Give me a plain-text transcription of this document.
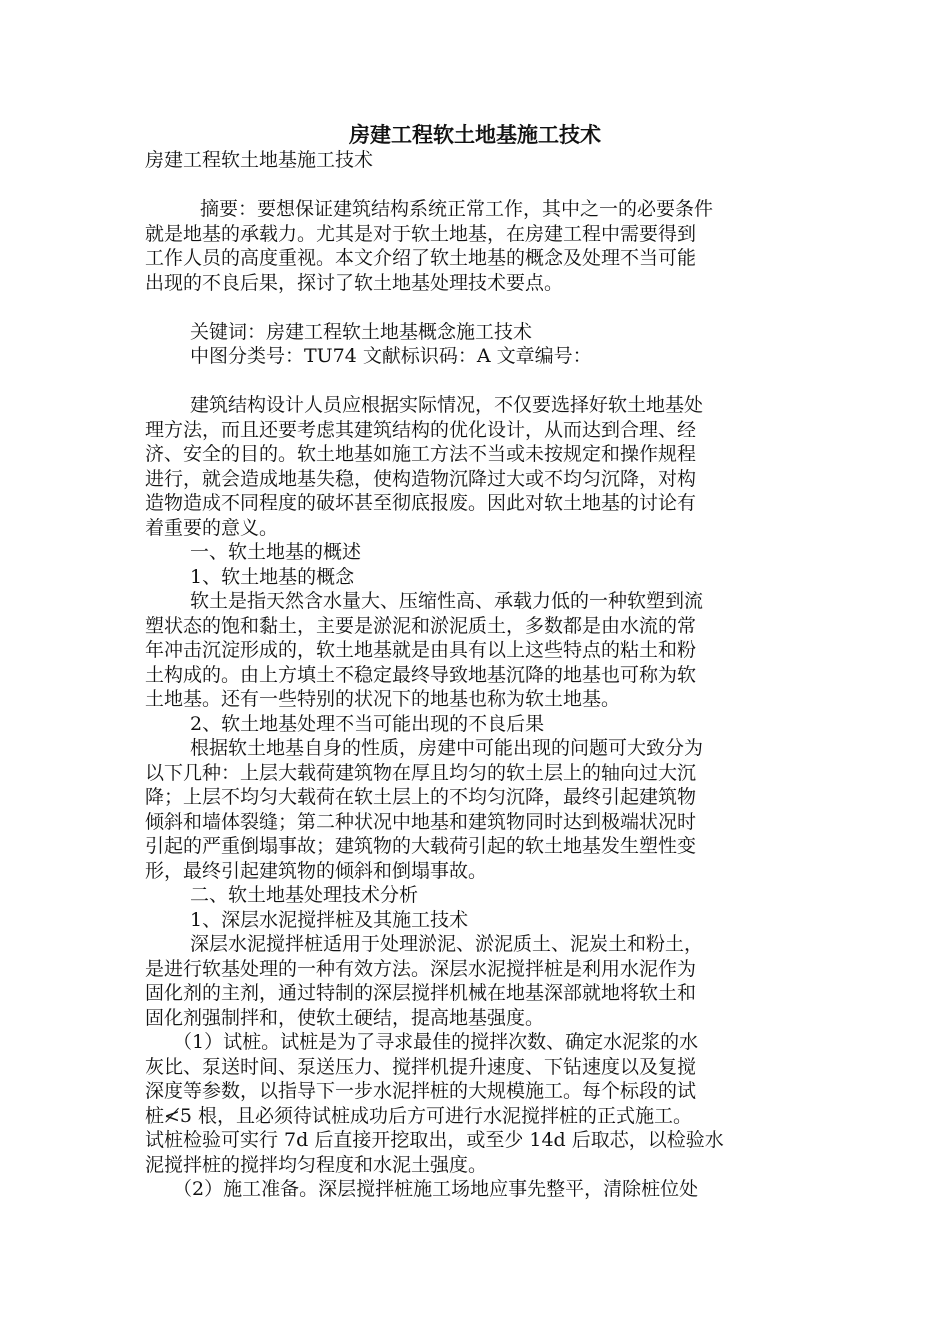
房建工程软土地基施工技术

房建工程软土地基施工技术

摘要：要想保证建筑结构系统正常工作，其中之一的必要条件

就是地基的承载力。尤其是对于软土地基，在房建工程中需要得到

工作人员的高度重视。本文介绍了软土地基的概念及处理不当可能

出现的不良后果，探讨了软土地基处理技术要点。

关键词：房建工程软土地基概念施工技术

中图分类号：TU74 文献标识码：A 文章编号：

建筑结构设计人员应根据实际情况，不仅要选择好软土地基处

理方法，而且还要考虑其建筑结构的优化设计，从而达到合理、经

济、安全的目的。软土地基如施工方法不当或未按规定和操作规程

进行，就会造成地基失稳，使构造物沉降过大或不均匀沉降，对构

造物造成不同程度的破坏甚至彻底报废。因此对软土地基的讨论有

着重要的意义。

一、软土地基的概述

1、软土地基的概念

软土是指天然含水量大、压缩性高、承载力低的一种软塑到流

塑状态的饱和黏土，主要是淤泥和淤泥质土，多数都是由水流的常

年冲击沉淀形成的，软土地基就是由具有以上这些特点的粘土和粉

土构成的。由上方填土不稳定最终导致地基沉降的地基也可称为软

土地基。还有一些特别的状况下的地基也称为软土地基。

2、软土地基处理不当可能出现的不良后果

根据软土地基自身的性质，房建中可能出现的问题可大致分为

以下几种：上层大载荷建筑物在厚且均匀的软土层上的轴向过大沉

降；上层不均匀大载荷在软土层上的不均匀沉降，最终引起建筑物

倾斜和墙体裂缝；第二种状况中地基和建筑物同时达到极端状况时

引起的严重倒塌事故；建筑物的大载荷引起的软土地基发生塑性变

形，最终引起建筑物的倾斜和倒塌事故。

二、软土地基处理技术分析

1、深层水泥搅拌桩及其施工技术

深层水泥搅拌桩适用于处理淤泥、淤泥质土、泥炭土和粉土，

是进行软基处理的一种有效方法。深层水泥搅拌桩是利用水泥作为

固化剂的主剂，通过特制的深层搅拌机械在地基深部就地将软土和

固化剂强制拌和，使软土硬结，提高地基强度。

（1）试桩。试桩是为了寻求最佳的搅拌次数、确定水泥浆的水

灰比、泵送时间、泵送压力、搅拌机提升速度、下钻速度以及复搅

深度等参数，以指导下一步水泥拌桩的大规模施工。每个标段的试

桩≮5 根，且必须待试桩成功后方可进行水泥搅拌桩的正式施工。

试桩检验可实行 7d 后直接开挖取出，或至少 14d 后取芯，以检验水

泥搅拌桩的搅拌均匀程度和水泥土强度。

（2）施工准备。深层搅拌桩施工场地应事先整平，清除桩位处
